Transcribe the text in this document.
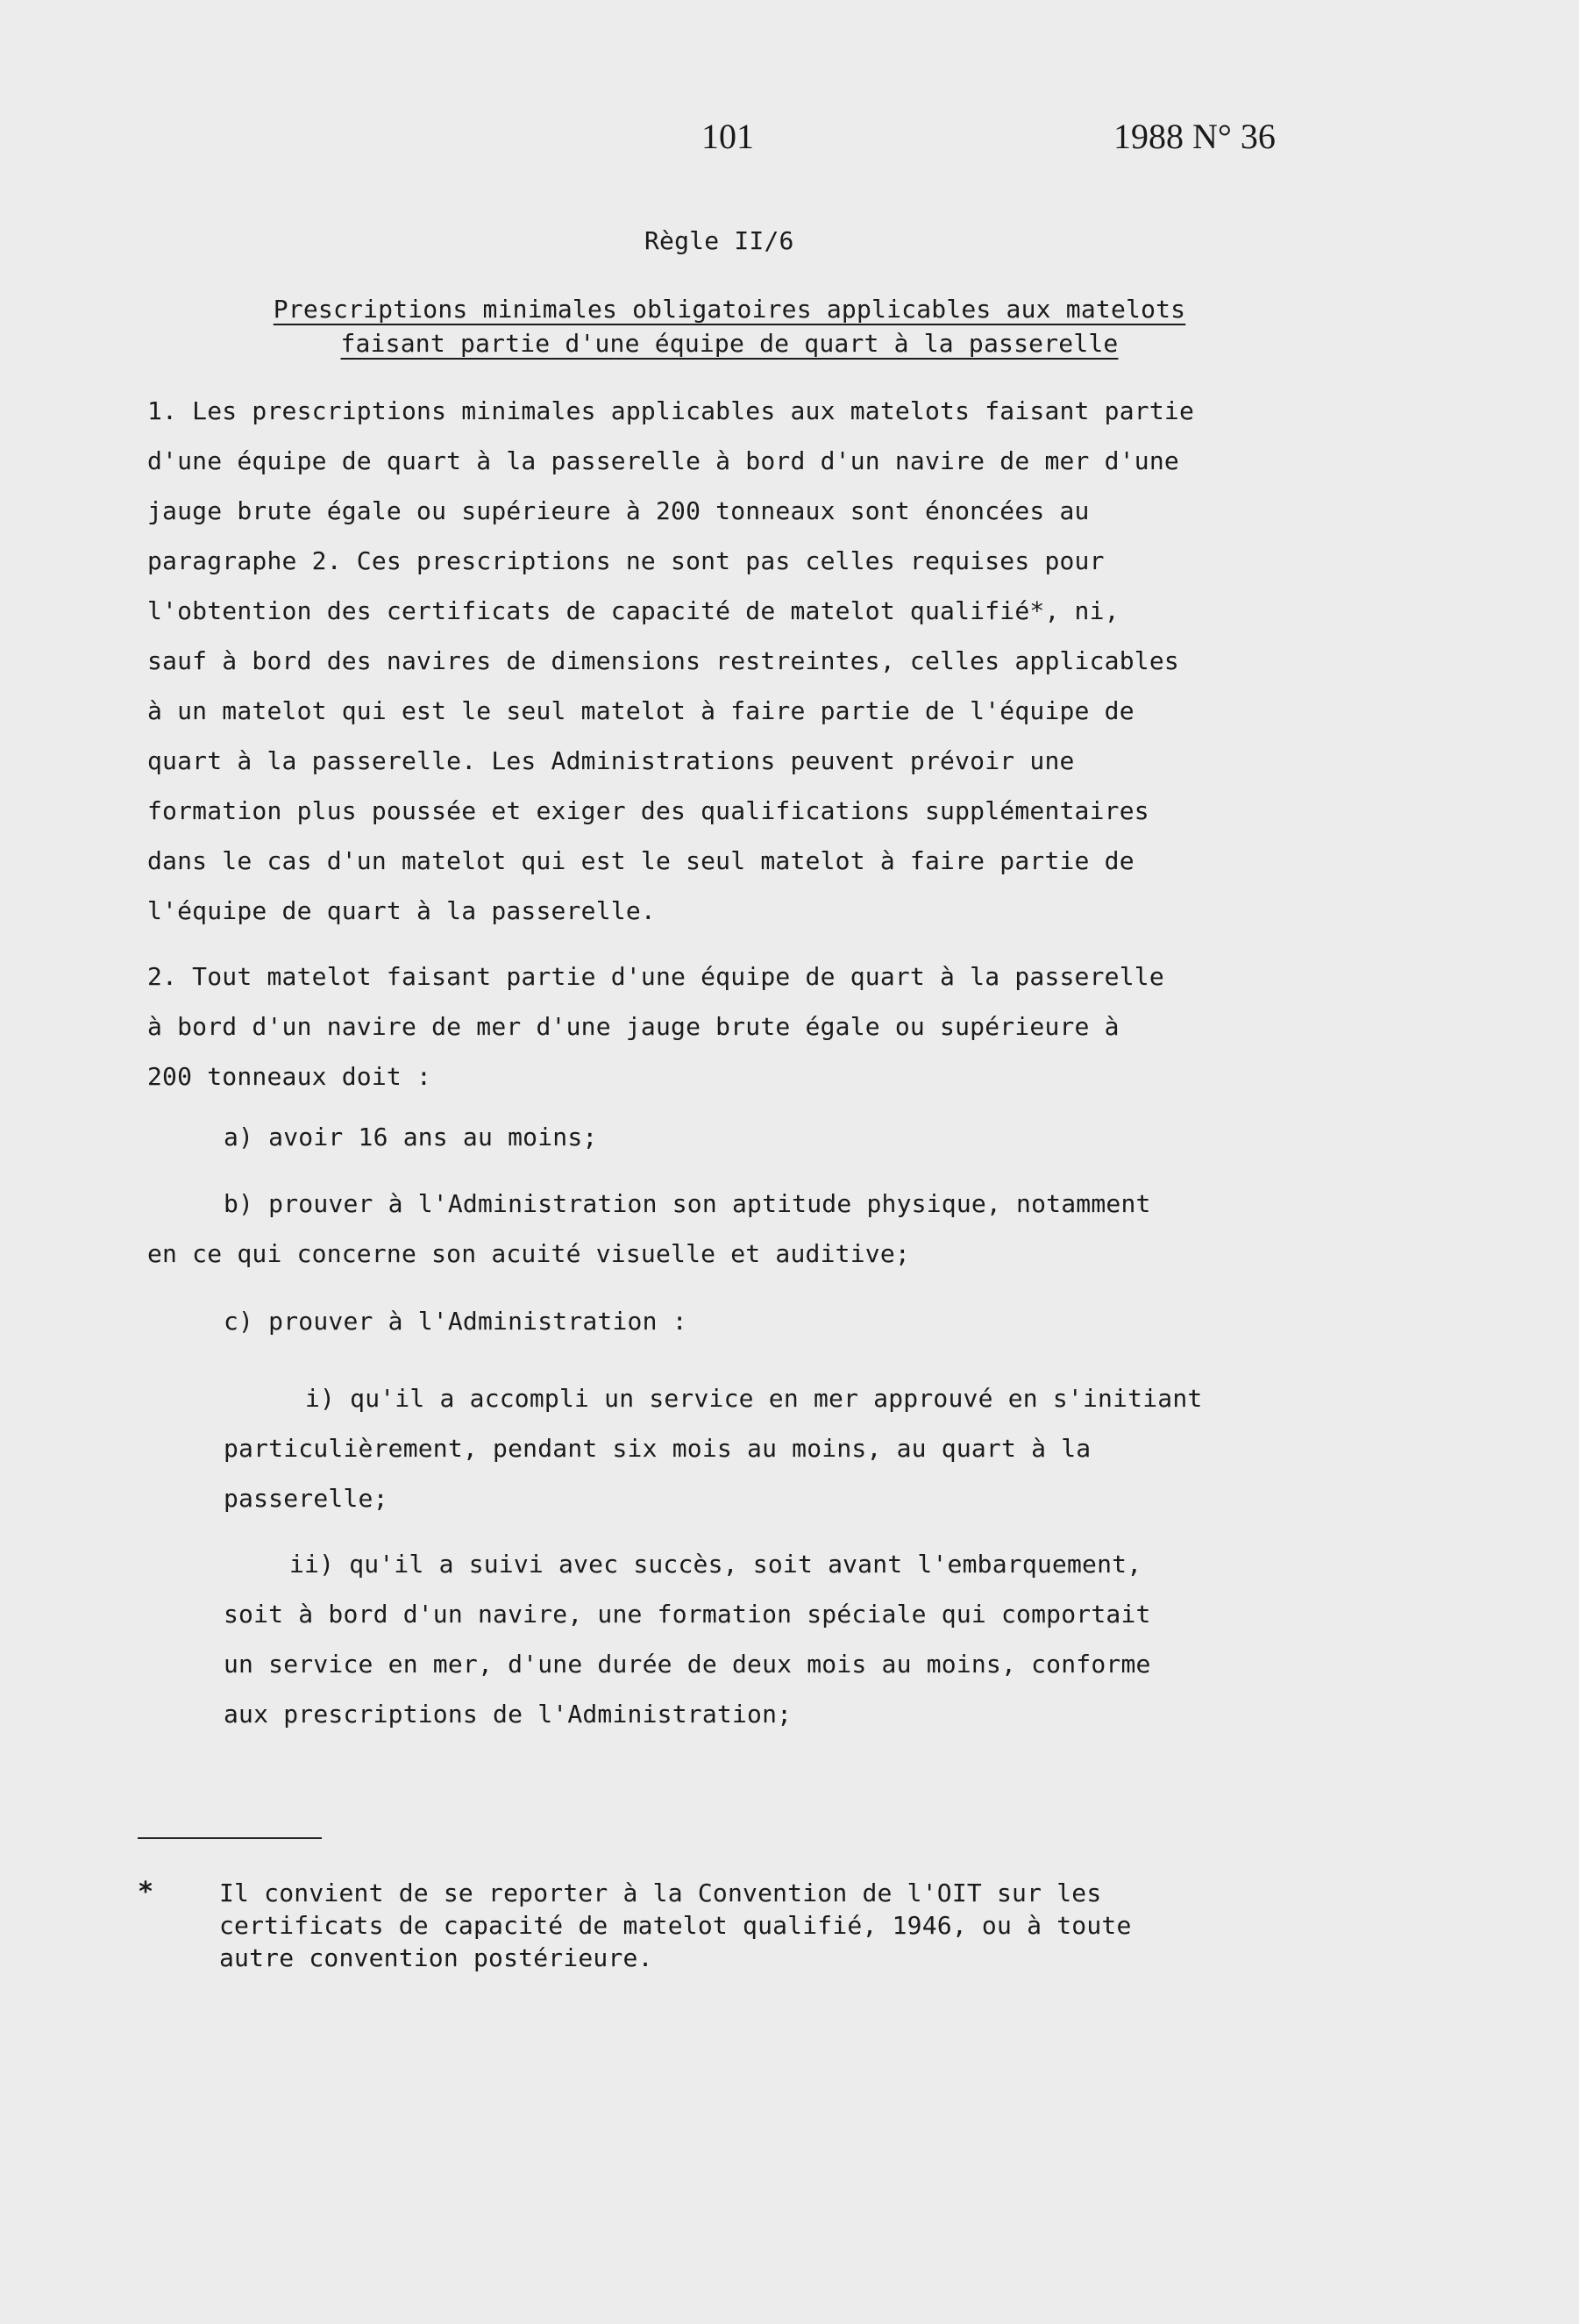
101	1988 N° 36
Règle II/6
Prescriptions minimales obligatoires applicables aux matelots
faisant partie d'une équipe de quart à la passerelle
1. Les prescriptions minimales applicables aux matelots faisant partie
d'une équipe de quart à la passerelle à bord d'un navire de mer d'une
jauge brute égale ou supérieure à 200 tonneaux sont énoncées au
paragraphe 2. Ces prescriptions ne sont pas celles requises pour
l'obtention des certificats de capacité de matelot qualifié*, ni,
sauf à bord des navires de dimensions restreintes, celles applicables
à un matelot qui est le seul matelot à faire partie de l'équipe de
quart à la passerelle. Les Administrations peuvent prévoir une
formation plus poussée et exiger des qualifications supplémentaires
dans le cas d'un matelot qui est le seul matelot à faire partie de
l'équipe de quart à la passerelle.
2. Tout matelot faisant partie d'une équipe de quart à la passerelle
à bord d'un navire de mer d'une jauge brute égale ou supérieure à
200 tonneaux doit :
a) avoir 16 ans au moins;
b) prouver à l'Administration son aptitude physique, notamment
en ce qui concerne son acuité visuelle et auditive;
c) prouver à l'Administration :
i) qu'il a accompli un service en mer approuvé en s'initiant
particulièrement, pendant six mois au moins, au quart à la
passerelle;
ii) qu'il a suivi avec succès, soit avant l'embarquement,
soit à bord d'un navire, une formation spéciale qui comportait
un service en mer, d'une durée de deux mois au moins, conforme
aux prescriptions de l'Administration;
*	Il convient de se reporter à la Convention de l'OIT sur les
certificats de capacité de matelot qualifié, 1946, ou à toute
autre convention postérieure.
